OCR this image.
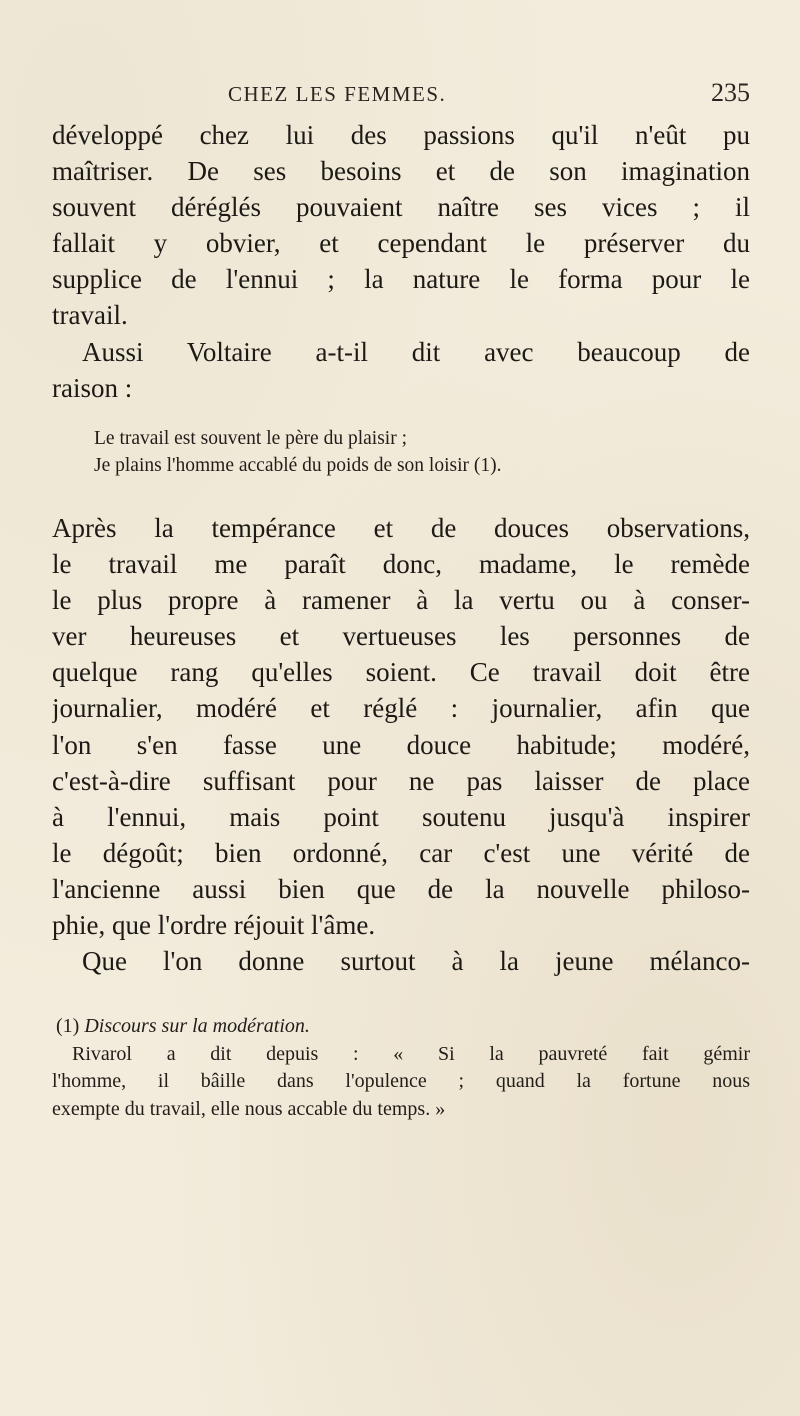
CHEZ LES FEMMES.	235
développé chez lui des passions qu'il n'eût pu
maîtriser. De ses besoins et de son imagination
souvent déréglés pouvaient naître ses vices ; il
fallait y obvier, et cependant le préserver du
supplice de l'ennui ; la nature le forma pour le
travail.
Aussi Voltaire a-t-il dit avec beaucoup de
raison :
Le travail est souvent le père du plaisir ;
Je plains l'homme accablé du poids de son loisir (1).
Après la tempérance et de douces observations,
le travail me paraît donc, madame, le remède
le plus propre à ramener à la vertu ou à conser-
ver heureuses et vertueuses les personnes de
quelque rang qu'elles soient. Ce travail doit être
journalier, modéré et réglé : journalier, afin que
l'on s'en fasse une douce habitude; modéré,
c'est-à-dire suffisant pour ne pas laisser de place
à l'ennui, mais point soutenu jusqu'à inspirer
le dégoût; bien ordonné, car c'est une vérité de
l'ancienne aussi bien que de la nouvelle philoso-
phie, que l'ordre réjouit l'âme.
Que l'on donne surtout à la jeune mélanco-
(1) Discours sur la modération.
Rivarol a dit depuis : « Si la pauvreté fait gémir
l'homme, il bâille dans l'opulence ; quand la fortune nous
exempte du travail, elle nous accable du temps. »
